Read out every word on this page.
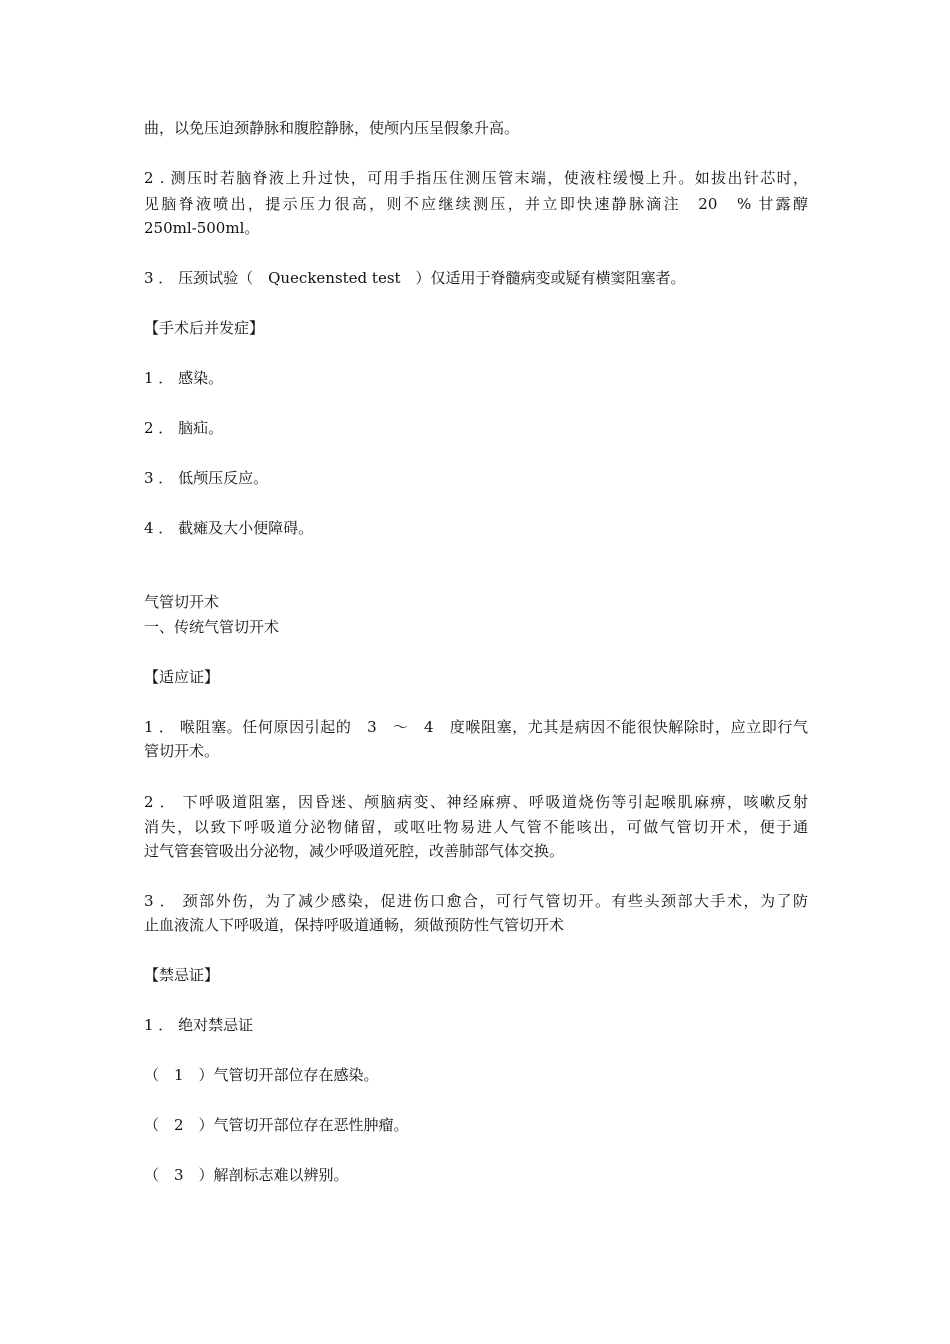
曲，以免压迫颈静脉和腹腔静脉，使颅内压呈假象升高。
2 . 测压时若脑脊液上升过快，可用手指压住测压管末端，使液柱缓慢上升。如拔出针芯时，
见脑脊液喷出，提示压力很高，则不应继续测压，并立即快速静脉滴注　20　% 甘露醇
250ml-500ml。
3 ． 压颈试验（　Queckensted test　）仅适用于脊髓病变或疑有横窦阻塞者。
【手术后并发症】
1 ． 感染。
2 ． 脑疝。
3 ． 低颅压反应。
4 ． 截瘫及大小便障碍。
气管切开术
一、传统气管切开术
【适应证】
1 ． 喉阻塞。任何原因引起的　3　～　4　度喉阻塞，尤其是病因不能很快解除时，应立即行气
管切开术。
2 ． 下呼吸道阻塞，因昏迷、颅脑病变、神经麻痹、呼吸道烧伤等引起喉肌麻痹，咳嗽反射
消失，以致下呼吸道分泌物储留，或呕吐物易进人气管不能咳出，可做气管切开术，便于通
过气管套管吸出分泌物，减少呼吸道死腔，改善肺部气体交换。
3 ． 颈部外伤，为了减少感染，促进伤口愈合，可行气管切开。有些头颈部大手术，为了防
止血液流人下呼吸道，保持呼吸道通畅，须做预防性气管切开术
【禁忌证】
1 ． 绝对禁忌证
（　1　）气管切开部位存在感染。
（　2　）气管切开部位存在恶性肿瘤。
（　3　）解剖标志难以辨别。
